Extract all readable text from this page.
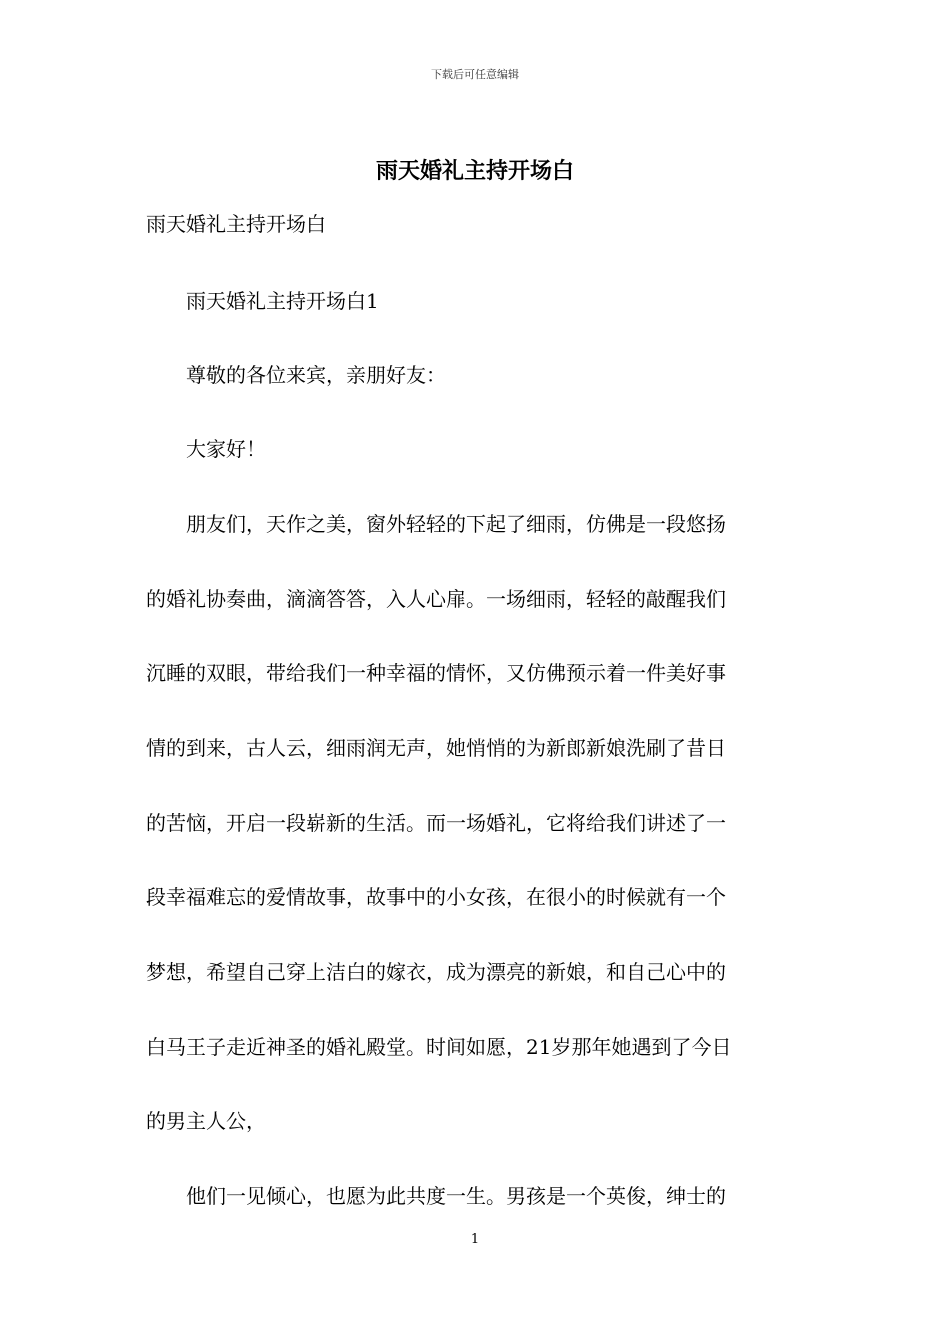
下载后可任意编辑
雨天婚礼主持开场白
雨天婚礼主持开场白
　　雨天婚礼主持开场白1
　　尊敬的各位来宾，亲朋好友：
　　大家好！
　　朋友们，天作之美，窗外轻轻的下起了细雨，仿佛是一段悠扬
的婚礼协奏曲，滴滴答答，入人心扉。一场细雨，轻轻的敲醒我们
沉睡的双眼，带给我们一种幸福的情怀，又仿佛预示着一件美好事
情的到来，古人云，细雨润无声，她悄悄的为新郎新娘洗刷了昔日
的苦恼，开启一段崭新的生活。而一场婚礼，它将给我们讲述了一
段幸福难忘的爱情故事，故事中的小女孩，在很小的时候就有一个
梦想，希望自己穿上洁白的嫁衣，成为漂亮的新娘，和自己心中的
白马王子走近神圣的婚礼殿堂。时间如愿，21岁那年她遇到了今日
的男主人公，
　　他们一见倾心，也愿为此共度一生。男孩是一个英俊，绅士的
1
